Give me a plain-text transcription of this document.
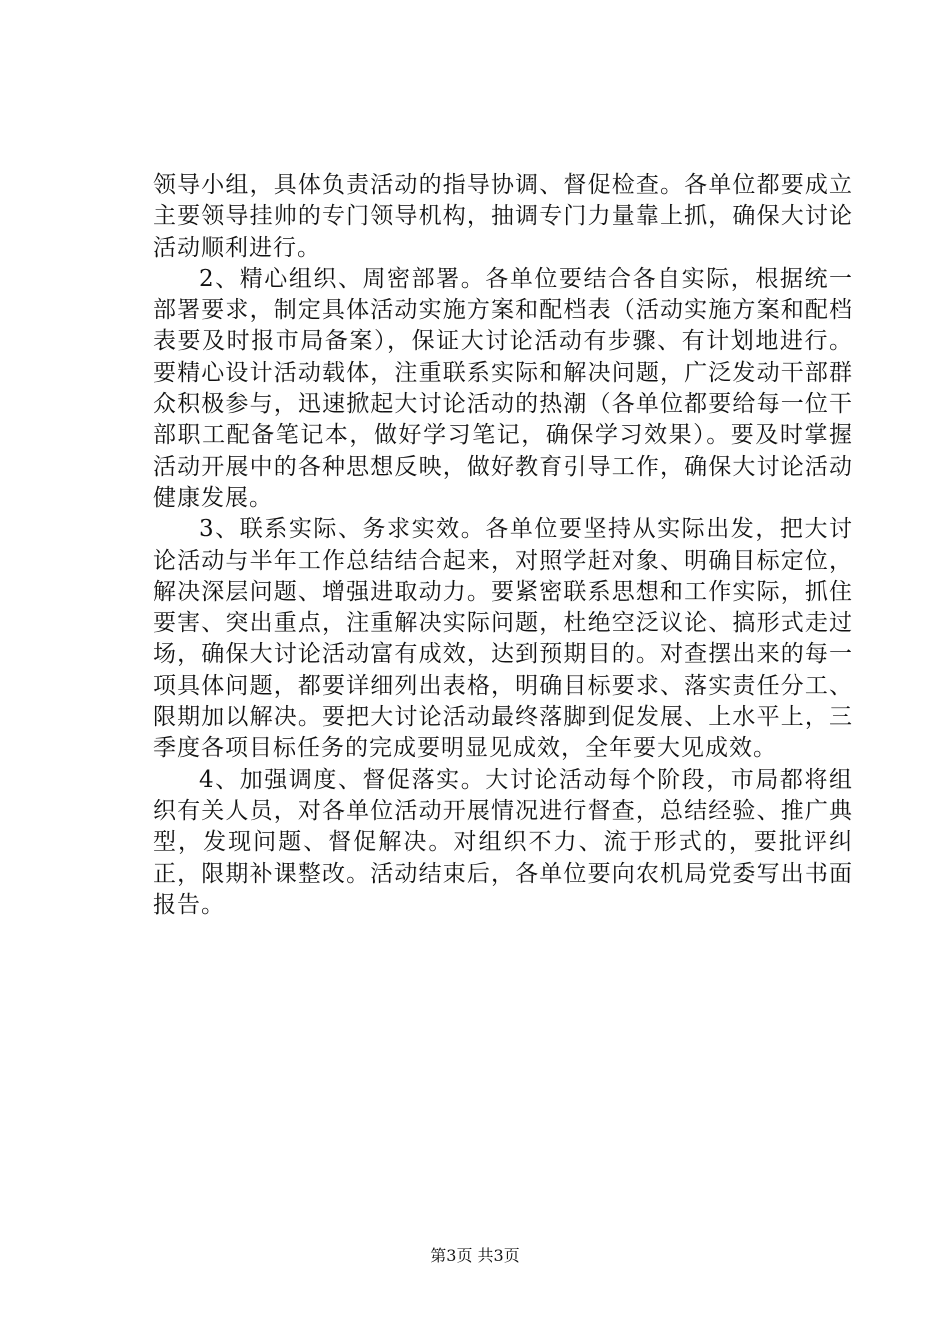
领导小组，具体负责活动的指导协调、督促检查。各单位都要成立主要领导挂帅的专门领导机构，抽调专门力量靠上抓，确保大讨论活动顺利进行。

2、精心组织、周密部署。各单位要结合各自实际，根据统一部署要求，制定具体活动实施方案和配档表（活动实施方案和配档表要及时报市局备案），保证大讨论活动有步骤、有计划地进行。要精心设计活动载体，注重联系实际和解决问题，广泛发动干部群众积极参与，迅速掀起大讨论活动的热潮（各单位都要给每一位干部职工配备笔记本，做好学习笔记，确保学习效果）。要及时掌握活动开展中的各种思想反映，做好教育引导工作，确保大讨论活动健康发展。

3、联系实际、务求实效。各单位要坚持从实际出发，把大讨论活动与半年工作总结结合起来，对照学赶对象、明确目标定位，解决深层问题、增强进取动力。要紧密联系思想和工作实际，抓住要害、突出重点，注重解决实际问题，杜绝空泛议论、搞形式走过场，确保大讨论活动富有成效，达到预期目的。对查摆出来的每一项具体问题，都要详细列出表格，明确目标要求、落实责任分工、限期加以解决。要把大讨论活动最终落脚到促发展、上水平上，三季度各项目标任务的完成要明显见成效，全年要大见成效。

4、加强调度、督促落实。大讨论活动每个阶段，市局都将组织有关人员，对各单位活动开展情况进行督查，总结经验、推广典型，发现问题、督促解决。对组织不力、流于形式的，要批评纠正，限期补课整改。活动结束后，各单位要向农机局党委写出书面报告。

第3页 共3页
